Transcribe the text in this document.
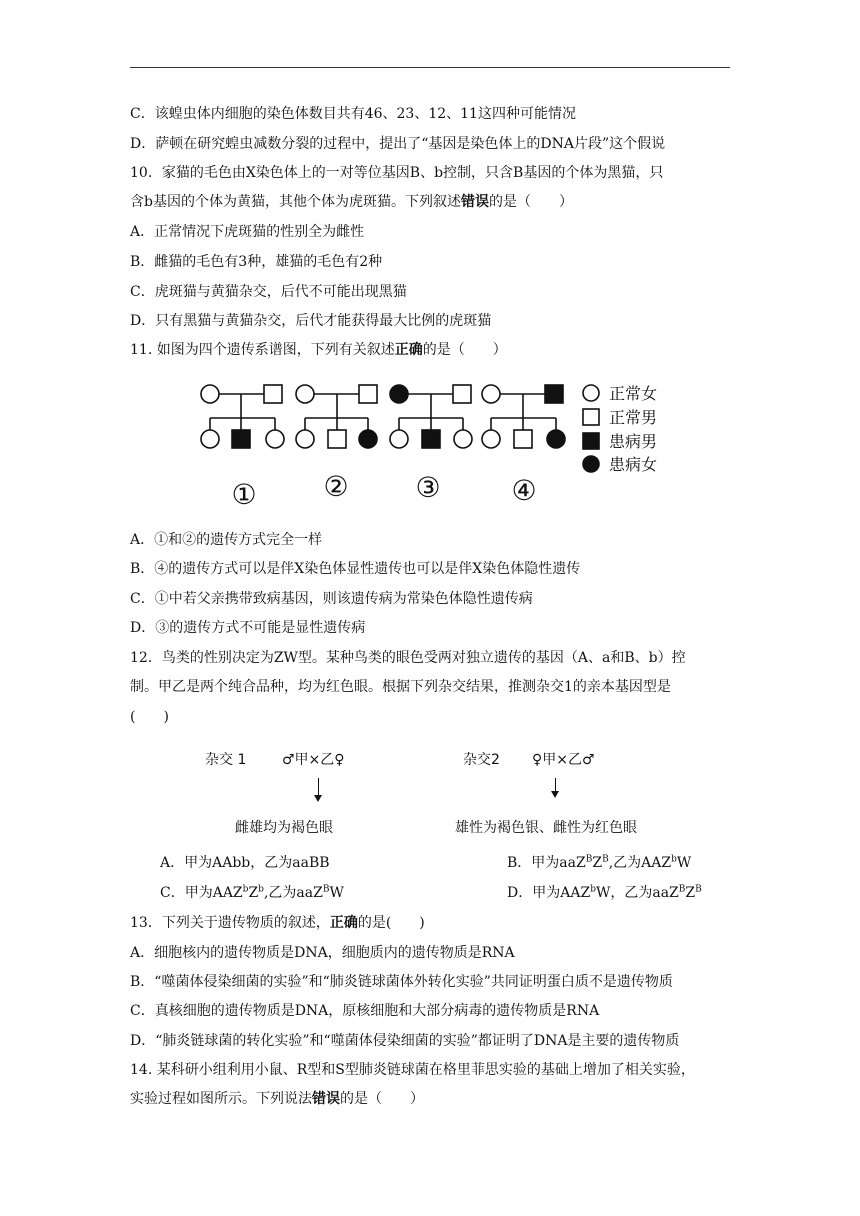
C．该蝗虫体内细胞的染色体数目共有46、23、12、11这四种可能情况
D．萨顿在研究蝗虫减数分裂的过程中，提出了“基因是染色体上的DNA片段”这个假说
10．家猫的毛色由X染色体上的一对等位基因B、b控制，只含B基因的个体为黑猫，只
含b基因的个体为黄猫，其他个体为虎斑猫。下列叙述错误的是（　　）
A．正常情况下虎斑猫的性别全为雌性
B．雌猫的毛色有3种，雄猫的毛色有2种
C．虎斑猫与黄猫杂交，后代不可能出现黑猫
D．只有黑猫与黄猫杂交，后代才能获得最大比例的虎斑猫
11. 如图为四个遗传系谱图，下列有关叙述正确的是（　　）
正常女
正常男
患病男
患病女
① ② ③	④
A．①和②的遗传方式完全一样
B．④的遗传方式可以是伴X染色体显性遗传也可以是伴X染色体隐性遗传
C．①中若父亲携带致病基因，则该遗传病为常染色体隐性遗传病
D．③的遗传方式不可能是显性遗传病
12．鸟类的性别决定为ZW型。某种鸟类的眼色受两对独立遗传的基因（A、a和B、b）控
制。甲乙是两个纯合品种，均为红色眼。根据下列杂交结果，推测杂交1的亲本基因型是
(　　)
杂交 1	♂甲×乙♀
雌雄均为褐色眼
杂交2 ♀甲×乙♂
雄性为褐色银、雌性为红色眼
A．甲为AAbb，乙为aaBB	B．甲为$aaZ^BZ^B$,乙为AAZ$^b$W
C．甲为$AAZ^bZ^b$,乙为aaZ$^B$W	D．甲为AAZ$^b$W，乙为$aaZ^BZ^B$
13．下列关于遗传物质的叙述，正确的是(　　)
A．细胞核内的遗传物质是DNA，细胞质内的遗传物质是RNA
B．“噬菌体侵染细菌的实验”和“肺炎链球菌体外转化实验”共同证明蛋白质不是遗传物质
C．真核细胞的遗传物质是DNA，原核细胞和大部分病毒的遗传物质是RNA
D．“肺炎链球菌的转化实验”和“噬菌体侵染细菌的实验”都证明了DNA是主要的遗传物质
14. 某科研小组利用小鼠、R型和S型肺炎链球菌在格里菲思实验的基础上增加了相关实验，
实验过程如图所示。下列说法错误的是（　　）
